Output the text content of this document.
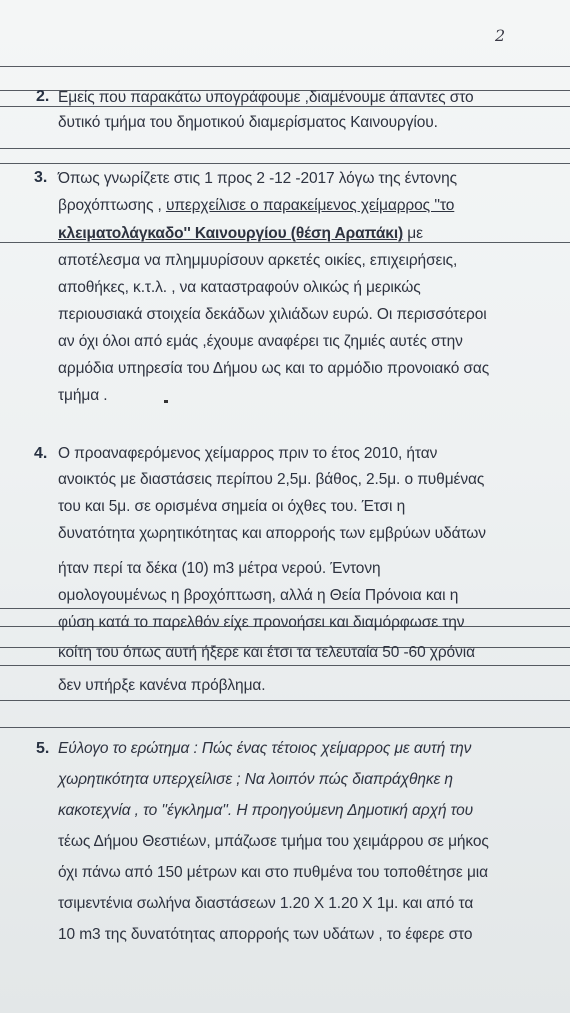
2
2. Εμείς που παρακάτω υπογράφουμε ,διαμένουμε άπαντες στο
δυτικό τμήμα του δημοτικού διαμερίσματος Καινουργίου.
3. Όπως γνωρίζετε στις 1 προς 2 -12 -2017 λόγω της έντονης
βροχόπτωσης , υπερχείλισε ο παρακείμενος χείμαρρος ''το
κλειματολάγκαδο'' Καινουργίου (θέση Αραπάκι) με
αποτέλεσμα να πλημμυρίσουν αρκετές οικίες, επιχειρήσεις,
αποθήκες, κ.τ.λ. , να καταστραφούν ολικώς ή μερικώς
περιουσιακά στοιχεία δεκάδων χιλιάδων ευρώ. Οι περισσότεροι
αν όχι όλοι από εμάς ,έχουμε αναφέρει τις ζημιές αυτές στην
αρμόδια υπηρεσία του Δήμου ως και το αρμόδιο προνοιακό σας
τμήμα .
4. Ο προαναφερόμενος χείμαρρος πριν το έτος 2010, ήταν
ανοικτός με διαστάσεις περίπου 2,5μ. βάθος, 2.5μ. ο πυθμένας
του και 5μ. σε ορισμένα σημεία οι όχθες του. Έτσι η
δυνατότητα χωρητικότητας και απορροής των εμβρύων υδάτων
ήταν περί τα δέκα (10) m3 μέτρα νερού. Έντονη
ομολογουμένως η βροχόπτωση, αλλά η Θεία Πρόνοια και η
φύση κατά το παρελθόν είχε προνοήσει και διαμόρφωσε την
κοίτη του όπως αυτή ήξερε και έτσι τα τελευταία 50 -60 χρόνια
δεν υπήρξε κανένα πρόβλημα.
5. Εύλογο το ερώτημα : Πώς ένας τέτοιος χείμαρρος με αυτή την
χωρητικότητα υπερχείλισε ; Να λοιπόν πώς διαπράχθηκε η
κακοτεχνία , το ''έγκλημα''. Η προηγούμενη Δημοτική αρχή του
τέως Δήμου Θεστιέων, μπάζωσε τμήμα του χειμάρρου σε μήκος
όχι πάνω από 150 μέτρων και στο πυθμένα του τοποθέτησε μια
τσιμεντένια σωλήνα διαστάσεων 1.20 Χ 1.20 Χ 1μ. και από τα
10 m3 της δυνατότητας απορροής των υδάτων , το έφερε στο
